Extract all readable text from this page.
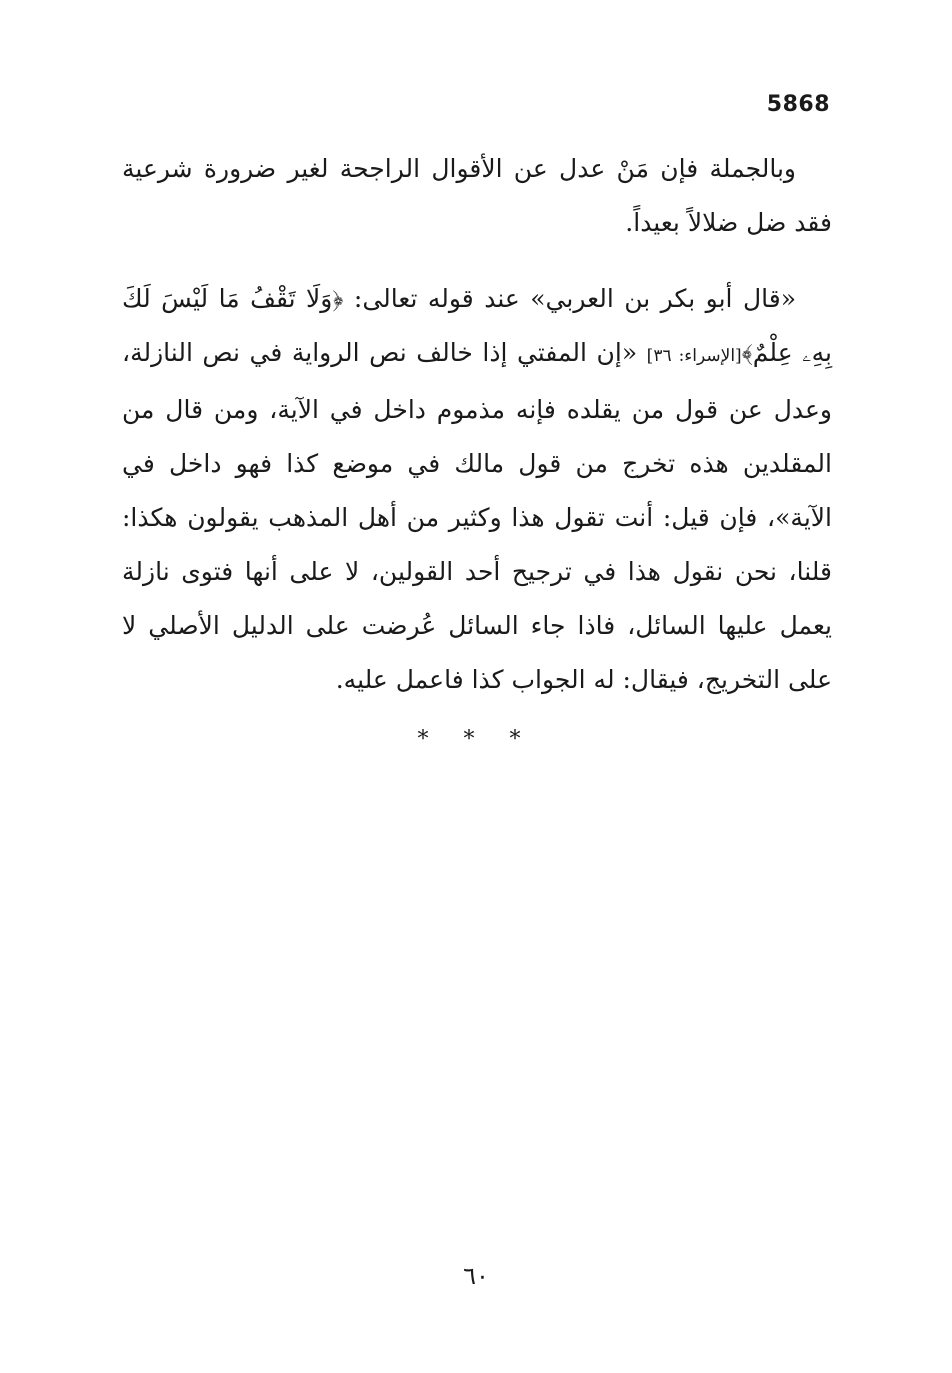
5868

وبالجملة فإن مَنْ عدل عن الأقوال الراجحة لغير ضرورة شرعية فقد ضل ضلالاً بعيداً.

«قال أبو بكر بن العربي» عند قوله تعالى: ﴿وَلَا تَقْفُ مَا لَيْسَ لَكَ بِهِۦ عِلْمٌ﴾[الإسراء: ٣٦] «إن المفتي إذا خالف نص الرواية في نص النازلة، وعدل عن قول من يقلده فإنه مذموم داخل في الآية، ومن قال من المقلدين هذه تخرج من قول مالك في موضع كذا فهو داخل في الآية»، فإن قيل: أنت تقول هذا وكثير من أهل المذهب يقولون هكذا: قلنا، نحن نقول هذا في ترجيح أحد القولين، لا على أنها فتوى نازلة يعمل عليها السائل، فاذا جاء السائل عُرضت على الدليل الأصلي لا على التخريج، فيقال: له الجواب كذا فاعمل عليه.

* * *
٦٠
